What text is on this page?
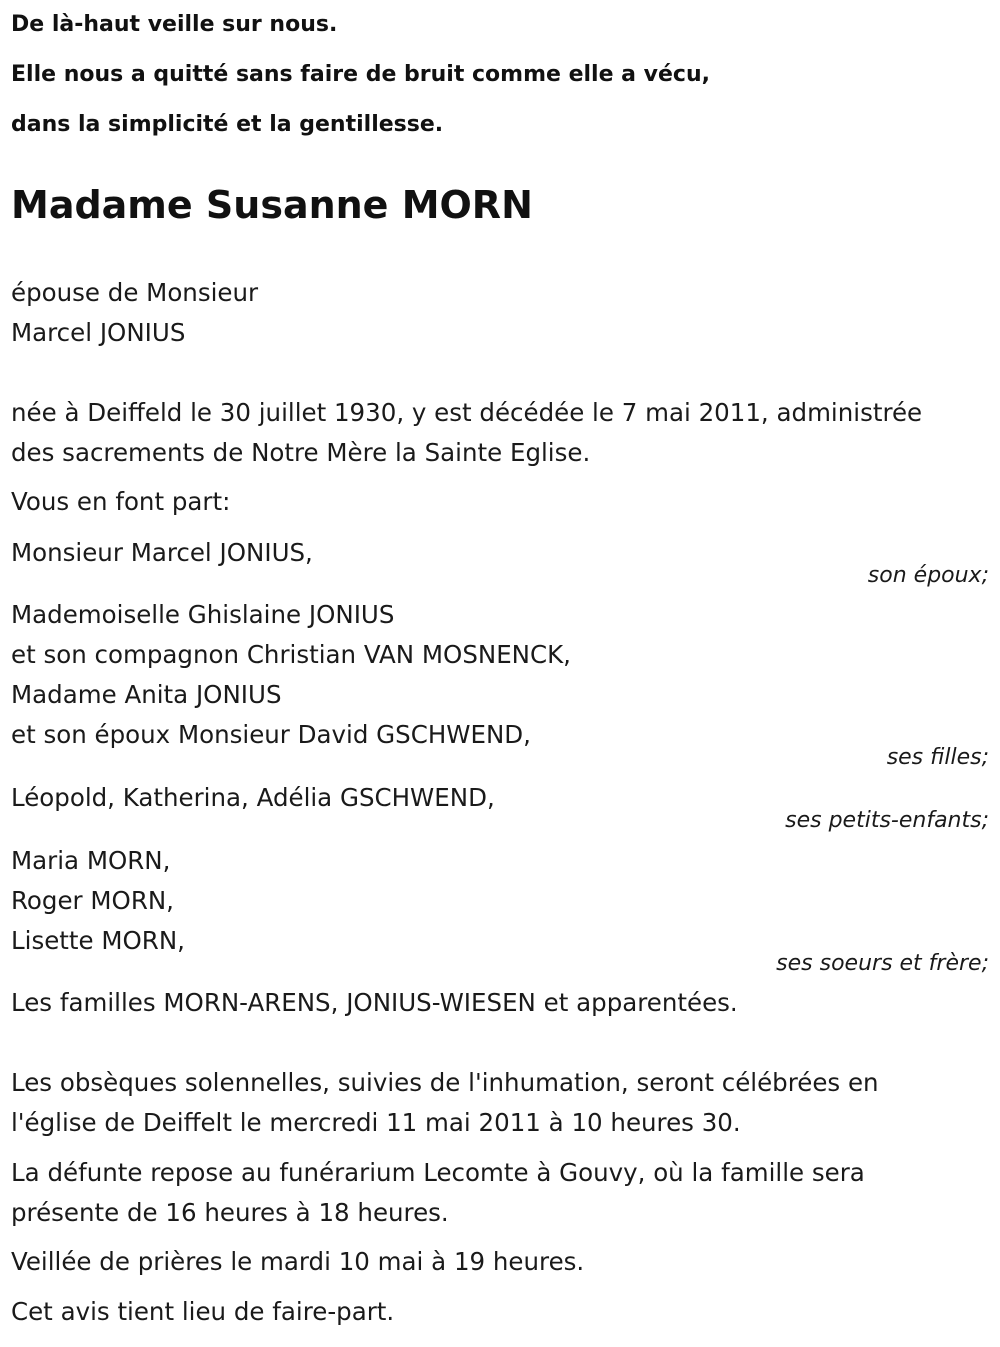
De là-haut veille sur nous.
Elle nous a quitté sans faire de bruit comme elle a vécu,
dans la simplicité et la gentillesse.
Madame Susanne MORN
épouse de Monsieur
Marcel JONIUS
née à Deiffeld le 30 juillet 1930, y est décédée le 7 mai 2011, administrée
des sacrements de Notre Mère la Sainte Eglise.
Vous en font part:
Monsieur Marcel JONIUS,
son époux;
Mademoiselle Ghislaine JONIUS
et son compagnon Christian VAN MOSNENCK,
Madame Anita JONIUS
et son époux Monsieur David GSCHWEND,
ses filles;
Léopold, Katherina, Adélia GSCHWEND,
ses petits-enfants;
Maria MORN,
Roger MORN,
Lisette MORN,
ses soeurs et frère;
Les familles MORN-ARENS, JONIUS-WIESEN et apparentées.
Les obsèques solennelles, suivies de l'inhumation, seront célébrées en
l'église de Deiffelt le mercredi 11 mai 2011 à 10 heures 30.
La défunte repose au funérarium Lecomte à Gouvy, où la famille sera
présente de 16 heures à 18 heures.
Veillée de prières le mardi 10 mai à 19 heures.
Cet avis tient lieu de faire-part.
